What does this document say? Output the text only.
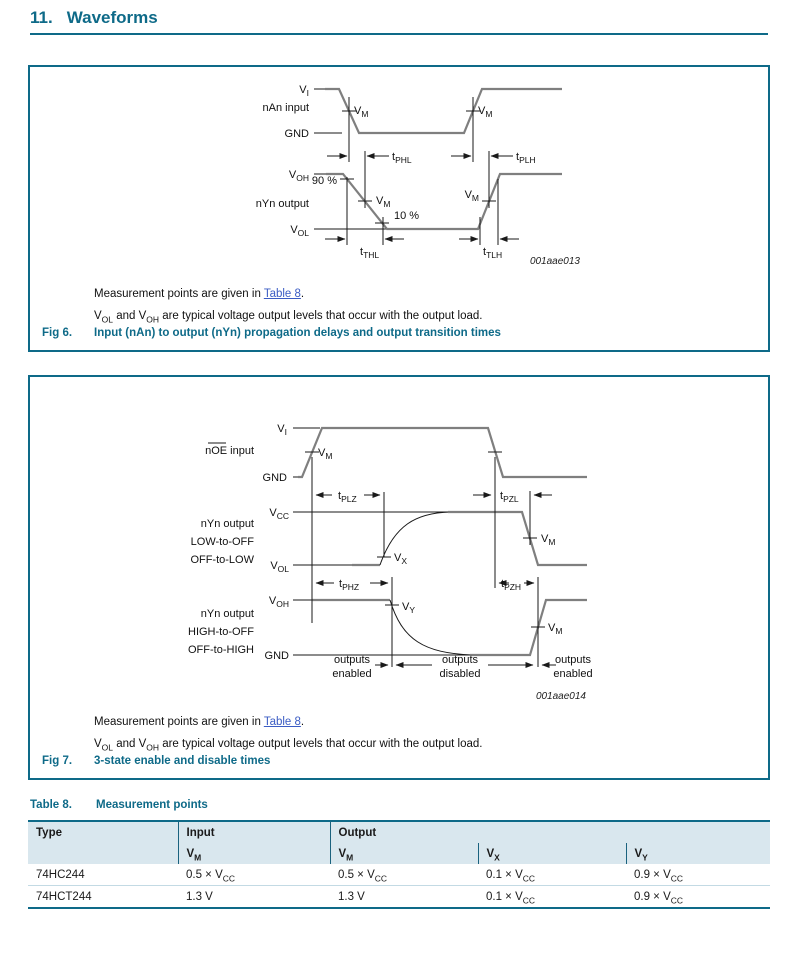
11. Waveforms
$V_I$
nAn input
GND
$V_M$	$V_M$
$t_{PHL}$	$t_{PLH}$
$V_{OH}$ 90 %
nYn output	$V_M$
$V_M$
10 %
$V_{OL}$
$t_{THL}$	$t_{TLH}$
001aae013
Measurement points are given in Table 8.
$V_{OL}$ and $V_{OH}$ are typical voltage output levels that occur with the output load.
Fig 6. Input (nAn) to output (nYn) propagation delays and output transition times
$V_I$
nOE input
GND
$V_M$
$t_{PLZ}$	$t_{PZL}$
$V_{CC}$
nYn output
LOW-to-OFF
OFF-to-LOW $V_{OL}$
$V_X$
$V_M$
$t_{PHZ}$	$t_{PZH}$
$V_{OH}$
nYn output
HIGH-to-OFF
OFF-to-HIGH
$V_Y$
$V_M$
GND	outputs
enabled
outputs
disabled
outputs
enabled
001aae014
Measurement points are given in Table 8.
$V_{OL}$ and $V_{OH}$ are typical voltage output levels that occur with the output load.
Fig 7. 3-state enable and disable times
Table 8. Measurement points
Type	Input	Output		
	$V_M$	$V_M$	$V_X$	$V_Y$
74HC244	$0.5 \times V_{CC}$	$0.5 \times V_{CC}$	$0.1 \times V_{CC}$	$0.9 \times V_{CC}$
74HCT244	1.3 V	1.3 V	$0.1 \times V_{CC}$	$0.9 \times V_{CC}$
